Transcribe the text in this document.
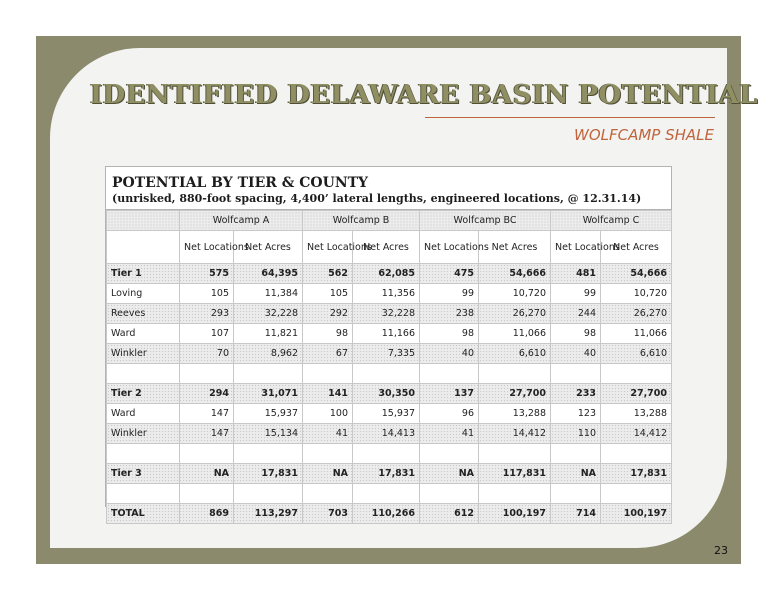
IDENTIFIED DELAWARE BASIN POTENTIAL
WOLFCAMP SHALE
POTENTIAL BY TIER & COUNTY
(unrisked, 880-foot spacing, 4,400’ lateral lengths, engineered locations, @ 12.31.14)
	Wolfcamp A		Wolfcamp B		Wolfcamp BC		Wolfcamp C	
	Net Locations	Net Acres	Net Locations	Net Acres	Net Locations	Net Acres	Net Locations	Net Acres
Tier 1	575	64,395	562	62,085	475	54,666	481	54,666
Loving	105	11,384	105	11,356	99	10,720	99	10,720
Reeves	293	32,228	292	32,228	238	26,270	244	26,270
Ward	107	11,821	98	11,166	98	11,066	98	11,066
Winkler	70	8,962	67	7,335	40	6,610	40	6,610

Tier 2	294	31,071	141	30,350	137	27,700	233	27,700
Ward	147	15,937	100	15,937	96	13,288	123	13,288
Winkler	147	15,134	41	14,413	41	14,412	110	14,412

Tier 3	NA	17,831	NA	17,831	NA	117,831	NA	17,831

TOTAL	869	113,297	703	110,266	612	100,197	714	100,197
23
